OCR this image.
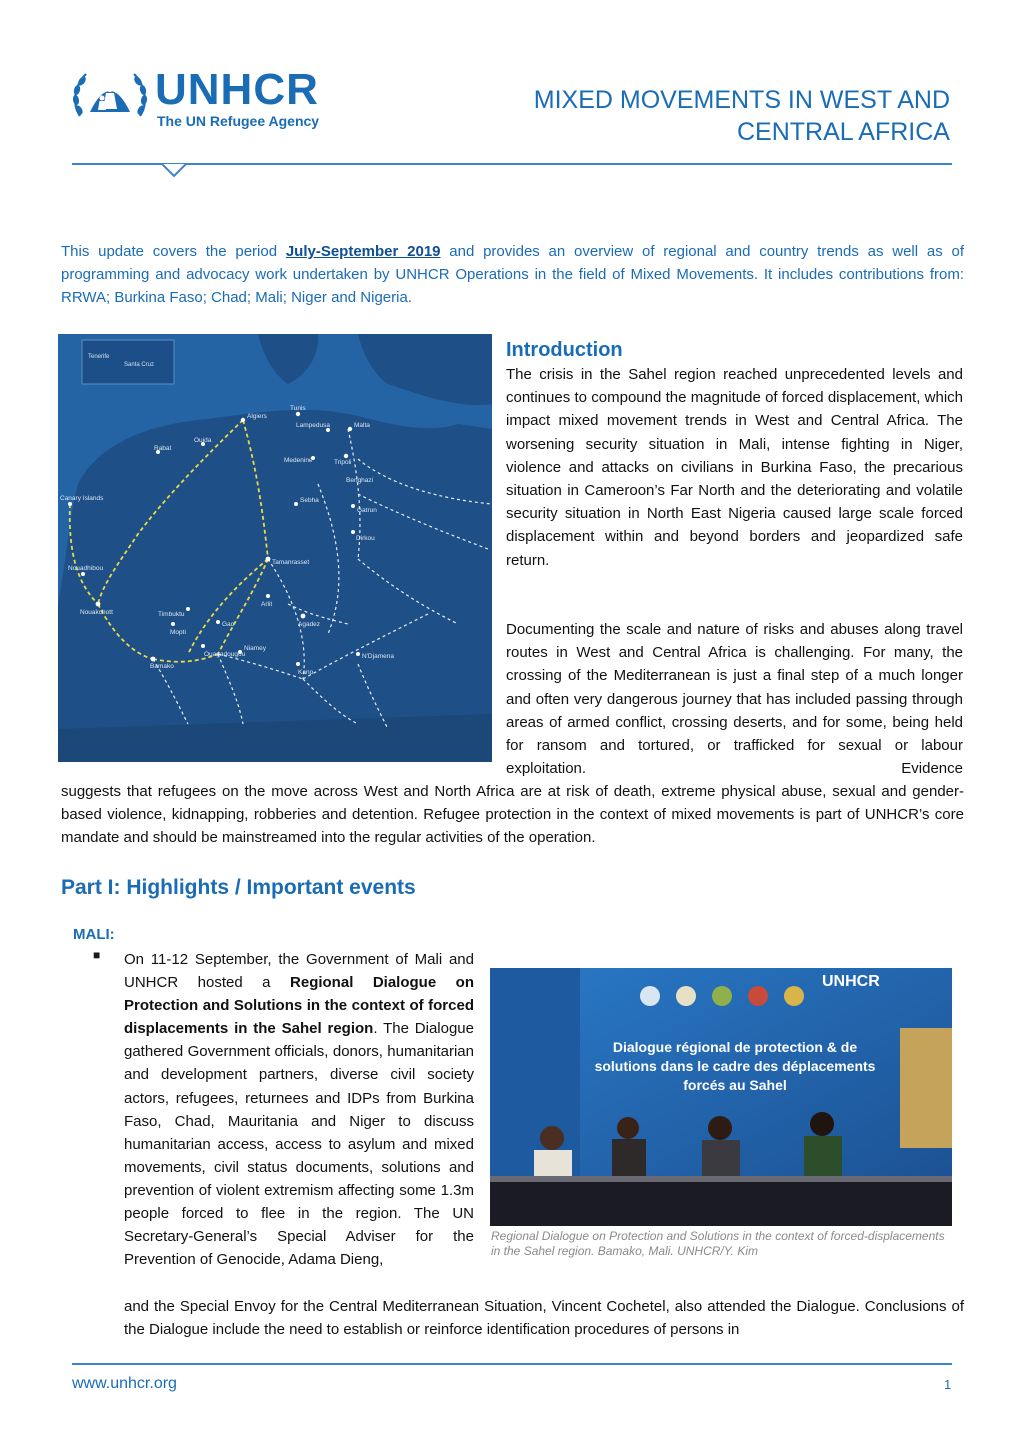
UNHCR
The UN Refugee Agency
MIXED MOVEMENTS IN WEST AND
CENTRAL AFRICA
This update covers the period July-September 2019 and provides an overview of regional and country trends as well as of programming and advocacy work undertaken by UNHCR Operations in the field of Mixed Movements. It includes contributions from: RRWA; Burkina Faso; Chad; Mali; Niger and Nigeria.
Tenerife
Santa Cruz
Algiers
Tunis
Malta
Lampedusa
Tripoli
Benghazi
Medenine
Oujda
Rabat
Canary Islands
Nouadhibou
Nouakchott
Tamanrasset
Agadez
Arlit
Dirkou
Gao
Timbuktu
Mopti
Bamako
Ouagadougou
Niamey
Kano
N'Djamena
Sebha
Gatrun
Introduction
The crisis in the Sahel region reached unprecedented levels and continues to compound the magnitude of forced displacement, which impact mixed movement trends in West and Central Africa. The worsening security situation in Mali, intense fighting in Niger, violence and attacks on civilians in Burkina Faso, the precarious situation in Cameroon’s Far North and the deteriorating and volatile security situation in North East Nigeria caused large scale forced displacement within and beyond borders and jeopardized safe return.
Documenting the scale and nature of risks and abuses along travel routes in West and Central Africa is challenging. For many, the crossing of the Mediterranean is just a final step of a much longer and often very dangerous journey that has included passing through areas of armed conflict, crossing deserts, and for some, being held for ransom and tortured, or trafficked for sexual or labour exploitation. Evidence
suggests that refugees on the move across West and North Africa are at risk of death, extreme physical abuse, sexual and gender-based violence, kidnapping, robberies and detention. Refugee protection in the context of mixed movements is part of UNHCR’s core mandate and should be mainstreamed into the regular activities of the operation.
Part I: Highlights / Important events
MALI:
■ On 11-12 September, the Government of Mali and UNHCR hosted a Regional Dialogue on Protection and Solutions in the context of forced displacements in the Sahel region. The Dialogue gathered Government officials, donors, humanitarian and development partners, diverse civil society actors, refugees, returnees and IDPs from Burkina Faso, Chad, Mauritania and Niger to discuss humanitarian access, access to asylum and mixed movements, civil status documents, solutions and prevention of violent extremism affecting some 1.3m people forced to flee in the region. The UN Secretary-General’s Special Adviser for the Prevention of Genocide, Adama Dieng,
and the Special Envoy for the Central Mediterranean Situation, Vincent Cochetel, also attended the Dialogue. Conclusions of the Dialogue include the need to establish or reinforce identification procedures of persons in
UNHCR
Dialogue régional de protection & de solutions dans le cadre des déplacements forcés au Sahel
Regional Dialogue on Protection and Solutions in the context of forced-displacements in the Sahel region. Bamako, Mali. UNHCR/Y. Kim
www.unhcr.org	1
